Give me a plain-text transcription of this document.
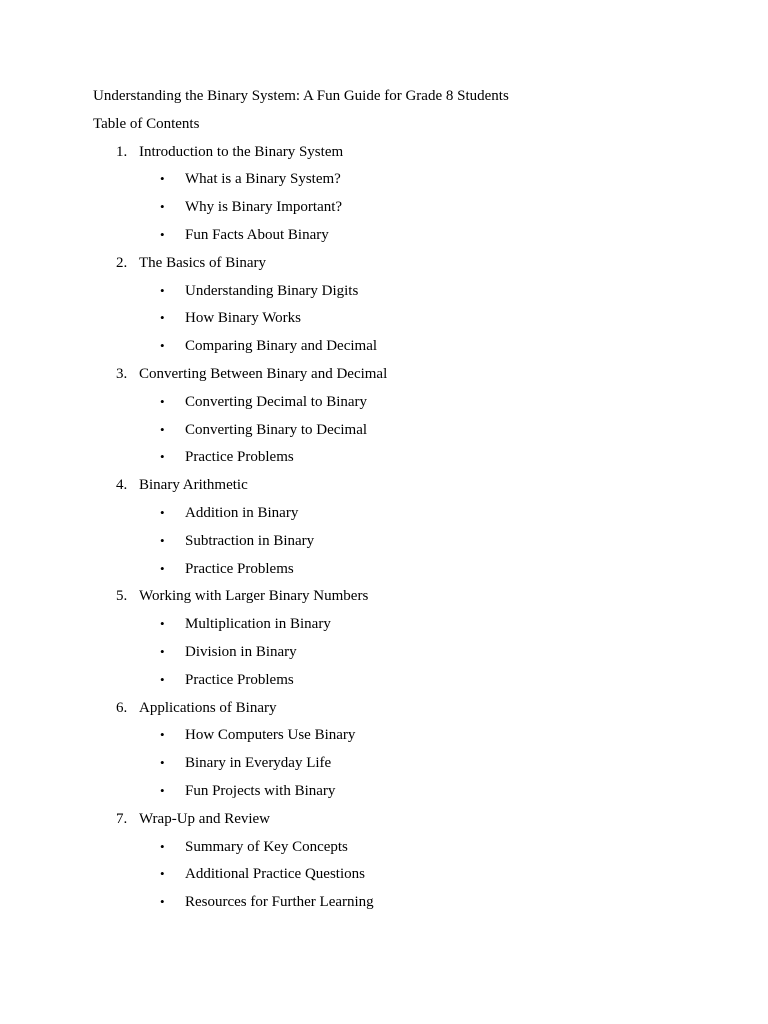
Understanding the Binary System: A Fun Guide for Grade 8 Students
Table of Contents
1. Introduction to the Binary System
• What is a Binary System?
• Why is Binary Important?
• Fun Facts About Binary
2. The Basics of Binary
• Understanding Binary Digits
• How Binary Works
• Comparing Binary and Decimal
3. Converting Between Binary and Decimal
• Converting Decimal to Binary
• Converting Binary to Decimal
• Practice Problems
4. Binary Arithmetic
• Addition in Binary
• Subtraction in Binary
• Practice Problems
5. Working with Larger Binary Numbers
• Multiplication in Binary
• Division in Binary
• Practice Problems
6. Applications of Binary
• How Computers Use Binary
• Binary in Everyday Life
• Fun Projects with Binary
7. Wrap-Up and Review
• Summary of Key Concepts
• Additional Practice Questions
• Resources for Further Learning
